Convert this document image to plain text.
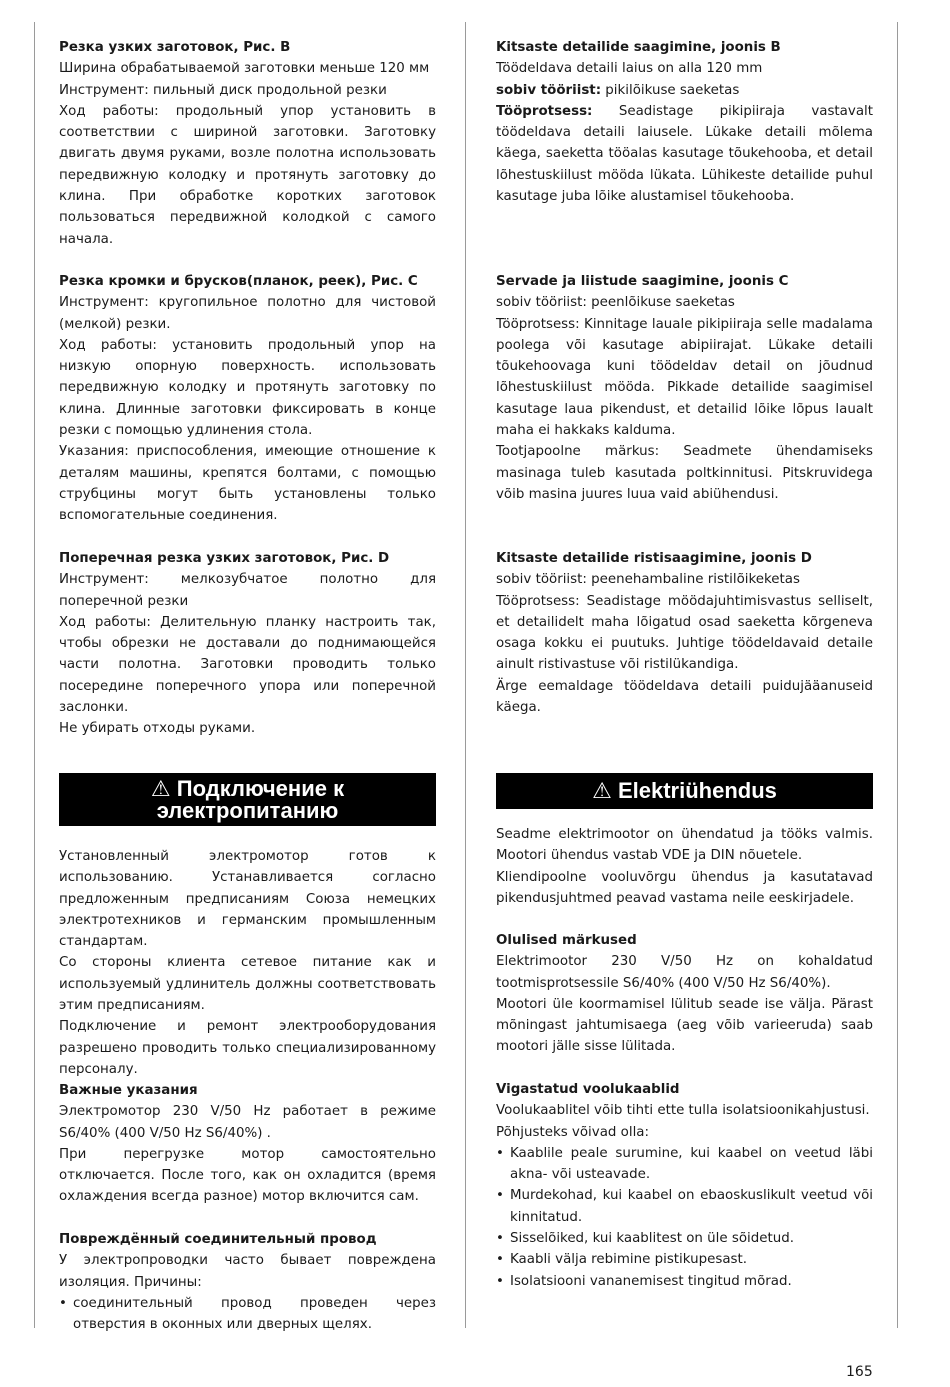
Резка узких заготовок, Рис. B

Ширина обрабатываемой заготовки меньше 120 мм

Инструмент: пильный диск продольной резки

Ход работы: продольный упор установить в соответствии с шириной заготовки. Заготовку двигать двумя руками, возле полотна использовать передвижную колодку и протянуть заготовку до клина. При обработке коротких заготовок пользоваться передвижной колодкой с самого начала.

Резка кромки и брусков(планок, реек), Рис. C

Инструмент: кругопильное полотно для чистовой (мелкой) резки.

Ход работы: установить продольный упор на низкую опорную поверхность. использовать передвижную колодку и протянуть заготовку по клина. Длинные заготовки фиксировать в конце резки с помощью удлинения стола.

Указания: приспособления, имеющие отношение к деталям машины, крепятся болтами, с помощью струбцины могут быть установлены только вспомогательные соединения.

Поперечная резка узких заготовок, Рис. D

Инструмент: мелкозубчатое полотно для поперечной резки

Ход работы: Делительную планку настроить так, чтобы обрезки не доставали до поднимающейся части полотна. Заготовки проводить только посередине поперечного упора или поперечной заслонки.

Не убирать отходы руками.

⚠ Подключение к
электропитанию

Установленный электромотор готов к использованию. Устанавливается согласно предложенным предписаниям Союза немецких электротехников и германским промышленным стандартам.

Со стороны клиента сетевое питание как и используемый удлинитель должны соответствовать этим предписаниям.

Подключение и ремонт электрооборудования разрешено проводить только специализированному персоналу.

Важные указания

Электромотор 230 V/50 Hz работает в режиме S6/40% (400 V/50 Hz S6/40%) .

При перегрузке мотор самостоятельно отключается. После того, как он охладится (время охлаждения всегда разное) мотор включится сам.

Повреждённый соединительный провод

У электропроводки часто бывает повреждена изоляция. Причины:

• соединительный провод проведен через отверстия в оконных или дверных щелях.

Kitsaste detailide saagimine, joonis B

Töödeldava detaili laius on alla 120 mm

sobiv tööriist: pikilõikuse saeketas

Tööprotsess: Seadistage pikipiiraja vastavalt töödeldava detaili laiusele. Lükake detaili mõlema käega, saeketta tööalas kasutage tõukehooba, et detail lõhestuskiilust mööda lükata. Lühikeste detailide puhul kasutage juba lõike alustamisel tõukehooba.

Servade ja liistude saagimine, joonis C

sobiv tööriist: peenlõikuse saeketas

Tööprotsess: Kinnitage lauale pikipiiraja selle madalama poolega või kasutage abipiirajat. Lükake detaili tõukehoovaga kuni töödeldav detail on jõudnud lõhestuskiilust mööda. Pikkade detailide saagimisel kasutage laua pikendust, et detailid lõike lõpus laualt maha ei hakkaks kalduma.

Tootjapoolne märkus: Seadmete ühendamiseks masinaga tuleb kasutada poltkinnitusi. Pitskruvidega võib masina juures luua vaid abiühendusi.

Kitsaste detailide ristisaagimine, joonis D

sobiv tööriist: peenehambaline ristilõikeketas

Tööprotsess: Seadistage möödajuhtimisvastus selliselt, et detailidelt maha lõigatud osad saeketta kõrgeneva osaga kokku ei puutuks. Juhtige töödeldavaid detaile ainult ristivastuse või ristilükandiga.

Ärge eemaldage töödeldava detaili puidujääanuseid käega.

⚠ Elektriühendus

Seadme elektrimootor on ühendatud ja tööks valmis. Mootori ühendus vastab VDE ja DIN nõuetele.

Kliendipoolne vooluvõrgu ühendus ja kasutatavad pikendusjuhtmed peavad vastama neile eeskirjadele.

Olulised märkused

Elektrimootor 230 V/50 Hz on kohaldatud tootmisprotsessile S6/40% (400 V/50 Hz S6/40%).

Mootori üle koormamisel lülitub seade ise välja. Pärast mõningast jahtumisaega (aeg võib varieeruda) saab mootori jälle sisse lülitada.

Vigastatud voolukaablid

Voolukaablitel võib tihti ette tulla isolatsioonikahjustusi.

Põhjusteks võivad olla:

• Kaablile peale surumine, kui kaabel on veetud läbi akna- või usteavade.
• Murdekohad, kui kaabel on ebaoskuslikult veetud või kinnitatud.
• Sisselõiked, kui kaablitest on üle sõidetud.
• Kaabli välja rebimine pistikupesast.
• Isolatsiooni vananemisest tingitud mõrad.
165
